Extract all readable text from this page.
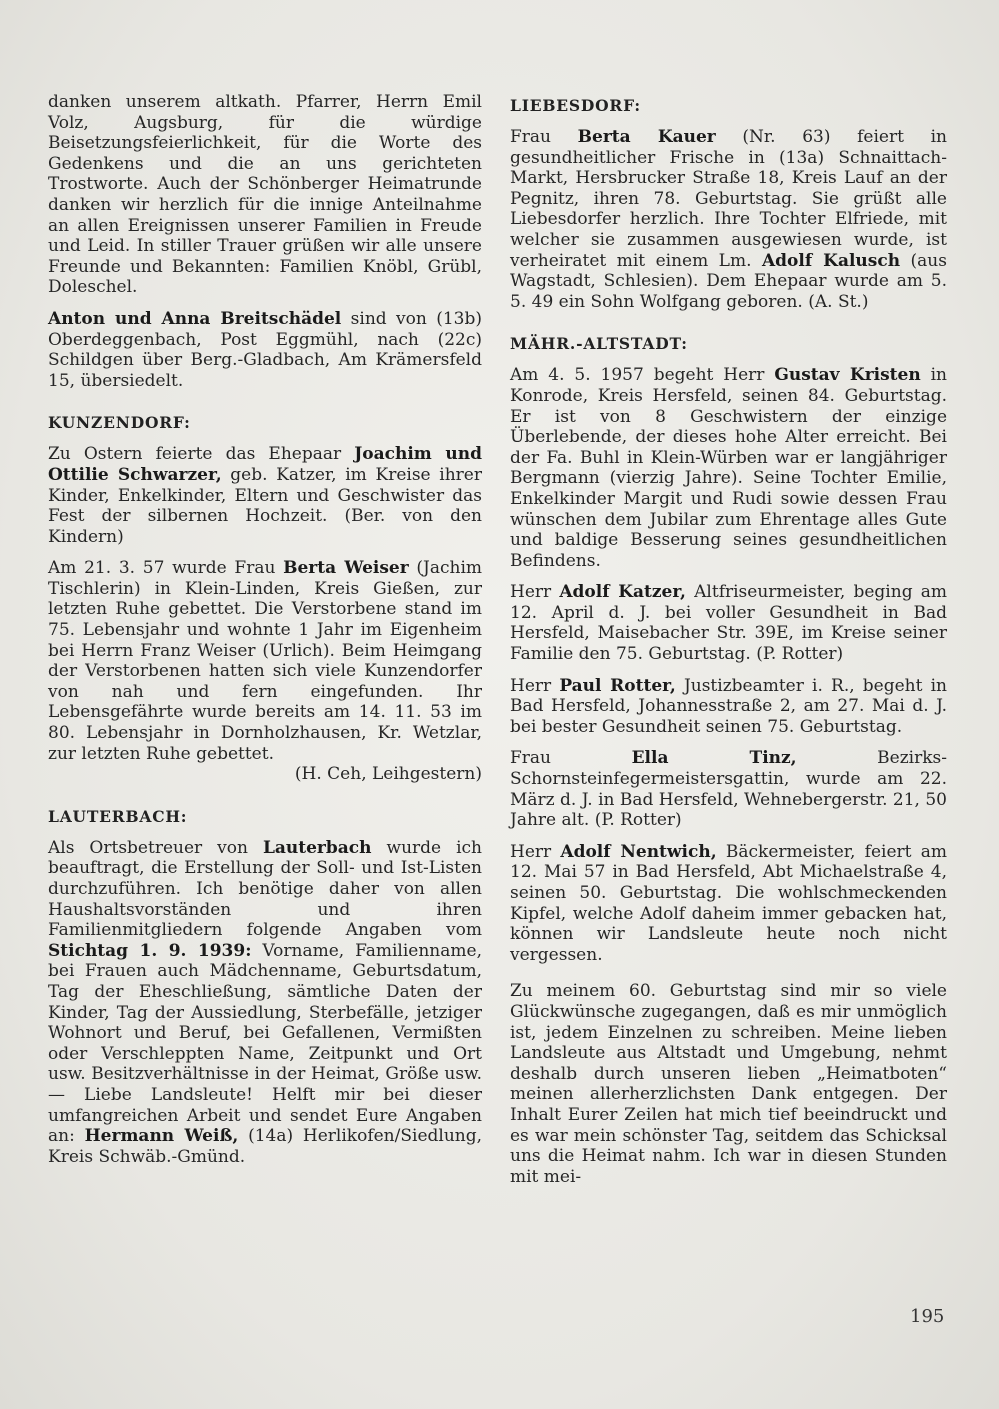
danken unserem altkath. Pfarrer, Herrn Emil Volz, Augsburg, für die würdige Beisetzungsfeierlichkeit, für die Worte des Gedenkens und die an uns gerichteten Trostworte. Auch der Schönberger Heimatrunde danken wir herzlich für die innige Anteilnahme an allen Ereignissen unserer Familien in Freude und Leid. In stiller Trauer grüßen wir alle unsere Freunde und Bekannten: Familien Knöbl, Grübl, Doleschel.

Anton und Anna Breitschädel sind von (13b) Oberdeggenbach, Post Eggmühl, nach (22c) Schildgen über Berg.-Gladbach, Am Krämersfeld 15, übersiedelt.

KUNZENDORF:

Zu Ostern feierte das Ehepaar Joachim und Ottilie Schwarzer, geb. Katzer, im Kreise ihrer Kinder, Enkelkinder, Eltern und Geschwister das Fest der silbernen Hochzeit. (Ber. von den Kindern)

Am 21. 3. 57 wurde Frau Berta Weiser (Jachim Tischlerin) in Klein-Linden, Kreis Gießen, zur letzten Ruhe gebettet. Die Verstorbene stand im 75. Lebensjahr und wohnte 1 Jahr im Eigenheim bei Herrn Franz Weiser (Urlich). Beim Heimgang der Verstorbenen hatten sich viele Kunzendorfer von nah und fern eingefunden. Ihr Lebensgefährte wurde bereits am 14. 11. 53 im 80. Lebensjahr in Dornholzhausen, Kr. Wetzlar, zur letzten Ruhe gebettet.

(H. Ceh, Leihgestern)

LAUTERBACH:

Als Ortsbetreuer von Lauterbach wurde ich beauftragt, die Erstellung der Soll- und Ist-Listen durchzuführen. Ich benötige daher von allen Haushaltsvorständen und ihren Familienmitgliedern folgende Angaben vom Stichtag 1. 9. 1939: Vorname, Familienname, bei Frauen auch Mädchenname, Geburtsdatum, Tag der Eheschließung, sämtliche Daten der Kinder, Tag der Aussiedlung, Sterbefälle, jetziger Wohnort und Beruf, bei Gefallenen, Vermißten oder Verschleppten Name, Zeitpunkt und Ort usw. Besitzverhältnisse in der Heimat, Größe usw. — Liebe Landsleute! Helft mir bei dieser umfangreichen Arbeit und sendet Eure Angaben an: Hermann Weiß, (14a) Herlikofen/Siedlung, Kreis Schwäb.-Gmünd.

LIEBESDORF:

Frau Berta Kauer (Nr. 63) feiert in gesundheitlicher Frische in (13a) Schnaittach-Markt, Hersbrucker Straße 18, Kreis Lauf an der Pegnitz, ihren 78. Geburtstag. Sie grüßt alle Liebesdorfer herzlich. Ihre Tochter Elfriede, mit welcher sie zusammen ausgewiesen wurde, ist verheiratet mit einem Lm. Adolf Kalusch (aus Wagstadt, Schlesien). Dem Ehepaar wurde am 5. 5. 49 ein Sohn Wolfgang geboren. (A. St.)

MÄHR.-ALTSTADT:

Am 4. 5. 1957 begeht Herr Gustav Kristen in Konrode, Kreis Hersfeld, seinen 84. Geburtstag. Er ist von 8 Geschwistern der einzige Überlebende, der dieses hohe Alter erreicht. Bei der Fa. Buhl in Klein-Würben war er langjähriger Bergmann (vierzig Jahre). Seine Tochter Emilie, Enkelkinder Margit und Rudi sowie dessen Frau wünschen dem Jubilar zum Ehrentage alles Gute und baldige Besserung seines gesundheitlichen Befindens.

Herr Adolf Katzer, Altfriseurmeister, beging am 12. April d. J. bei voller Gesundheit in Bad Hersfeld, Maisebacher Str. 39E, im Kreise seiner Familie den 75. Geburtstag. (P. Rotter)

Herr Paul Rotter, Justizbeamter i. R., begeht in Bad Hersfeld, Johannesstraße 2, am 27. Mai d. J. bei bester Gesundheit seinen 75. Geburtstag.

Frau Ella Tinz, Bezirks-Schornsteinfegermeistersgattin, wurde am 22. März d. J. in Bad Hersfeld, Wehnebergerstr. 21, 50 Jahre alt. (P. Rotter)

Herr Adolf Nentwich, Bäckermeister, feiert am 12. Mai 57 in Bad Hersfeld, Abt Michaelstraße 4, seinen 50. Geburtstag. Die wohlschmeckenden Kipfel, welche Adolf daheim immer gebacken hat, können wir Landsleute heute noch nicht vergessen.

Zu meinem 60. Geburtstag sind mir so viele Glückwünsche zugegangen, daß es mir unmöglich ist, jedem Einzelnen zu schreiben. Meine lieben Landsleute aus Altstadt und Umgebung, nehmt deshalb durch unseren lieben „Heimatboten“ meinen allerherzlichsten Dank entgegen. Der Inhalt Eurer Zeilen hat mich tief beeindruckt und es war mein schönster Tag, seitdem das Schicksal uns die Heimat nahm. Ich war in diesen Stunden mit mei-

195
